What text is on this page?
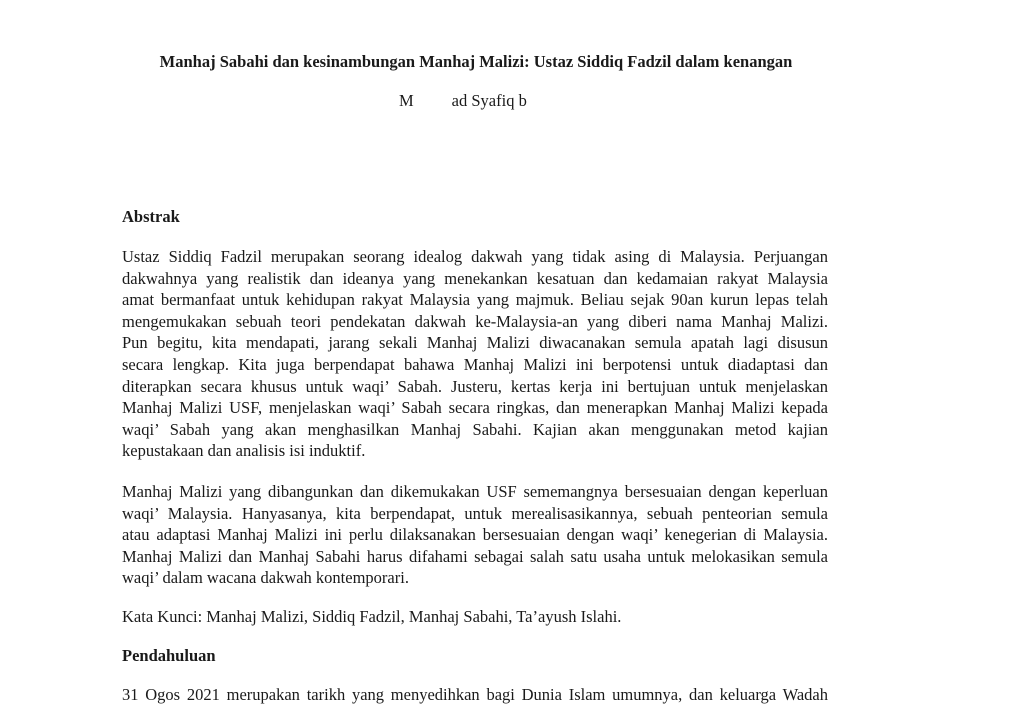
Manhaj Sabahi dan kesinambungan Manhaj Malizi: Ustaz Siddiq Fadzil dalam kenangan

M ad Syafiq b

Abstrak
Ustaz Siddiq Fadzil merupakan seorang idealog dakwah yang tidak asing di Malaysia. Perjuangan
dakwahnya yang realistik dan ideanya yang menekankan kesatuan dan kedamaian rakyat Malaysia
amat bermanfaat untuk kehidupan rakyat Malaysia yang majmuk. Beliau sejak 90an kurun lepas telah
mengemukakan sebuah teori pendekatan dakwah ke-Malaysia-an yang diberi nama Manhaj Malizi.
Pun begitu, kita mendapati, jarang sekali Manhaj Malizi diwacanakan semula apatah lagi disusun
secara lengkap. Kita juga berpendapat bahawa Manhaj Malizi ini berpotensi untuk diadaptasi dan
diterapkan secara khusus untuk waqi’ Sabah. Justeru, kertas kerja ini bertujuan untuk menjelaskan
Manhaj Malizi USF, menjelaskan waqi’ Sabah secara ringkas, dan menerapkan Manhaj Malizi kepada
waqi’ Sabah yang akan menghasilkan Manhaj Sabahi. Kajian akan menggunakan metod kajian
kepustakaan dan analisis isi induktif.
Manhaj Malizi yang dibangunkan dan dikemukakan USF sememangnya bersesuaian dengan keperluan
waqi’ Malaysia. Hanyasanya, kita berpendapat, untuk merealisasikannya, sebuah penteorian semula
atau adaptasi Manhaj Malizi ini perlu dilaksanakan bersesuaian dengan waqi’ kenegerian di Malaysia.
Manhaj Malizi dan Manhaj Sabahi harus difahami sebagai salah satu usaha untuk melokasikan semula
waqi’ dalam wacana dakwah kontemporari.
Kata Kunci: Manhaj Malizi, Siddiq Fadzil, Manhaj Sabahi, Ta’ayush Islahi.
Pendahuluan
31 Ogos 2021 merupakan tarikh yang menyedihkan bagi Dunia Islam umumnya, dan keluarga Wadah
